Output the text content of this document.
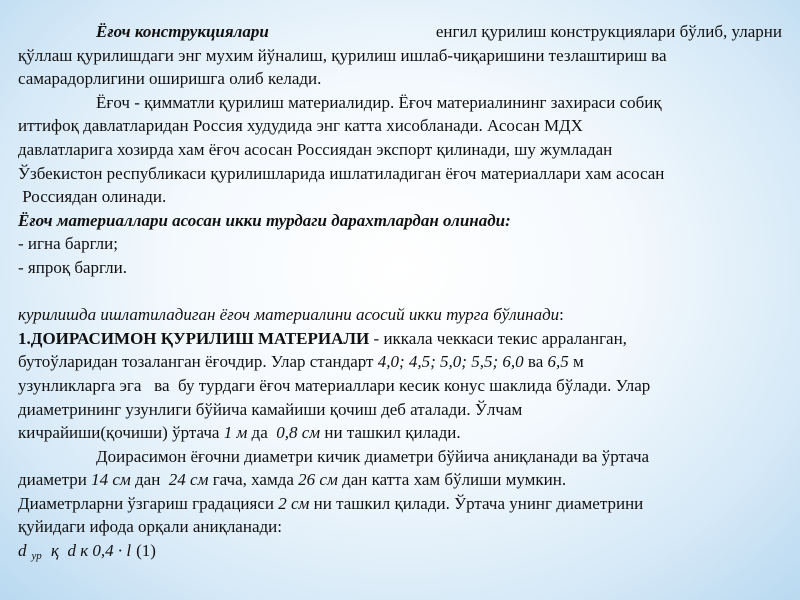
Ёғоч конструкциялари	енгил қурилиш конструкциялари бўлиб, уларни
қўллаш қурилишдаги энг мухим йўналиш, қурилиш ишлаб-чиқаришини тезлаштириш ва
самарадорлигини оширишга олиб келади.
Ёғоч - қимматли қурилиш материалидир. Ёғоч материалининг захираси собиқ
иттифоқ давлатларидан Россия худудида энг катта хисобланади. Асосан МДХ
давлатларига хозирда хам ёғоч асосан Россиядан экспорт қилинади, шу жумладан
Ўзбекистон республикаси қурилишларида ишлатиладиган ёғоч материаллари хам асосан
Россиядан олинади.
Ёғоч материаллари асосан икки турдаги дарахтлардан олинади:
- игна баргли;
- япроқ баргли.
курилишда ишлатиладиган ёғоч материалини асосий икки турга бўлинади :
1.ДОИРАСИМОН ҚУРИЛИШ МАТЕРИАЛИ - иккала чеккаси текис арраланган,
бутоўларидан тозаланган ёғочдир. Улар стандарт 4,0; 4,5; 5,0; 5,5; 6,0 ва 6,5 м
узунликларга эга   ва  бу турдаги ёғоч материаллари кесик конус шаклида бўлади. Улар
диаметрининг узунлиги бўйича камайиши қочиш деб аталади. Ўлчам
кичрайиши(қочиши) ўртача 1 м да 0,8 см ни ташкил қилади.
Доирасимон ёғочни диаметри кичик диаметри бўйича аниқланади ва ўртача
диаметри 14 см дан 24 см гача, хамда 26 см дан катта хам бўлиши мумкин.
Диаметрларни ўзгариш градацияси 2 см ни ташкил қилади. Ўртача унинг диаметрини
қуйидаги ифода орқали аниқланади:
d $_{ур}$ қ  d к 0,4 · l (1)
